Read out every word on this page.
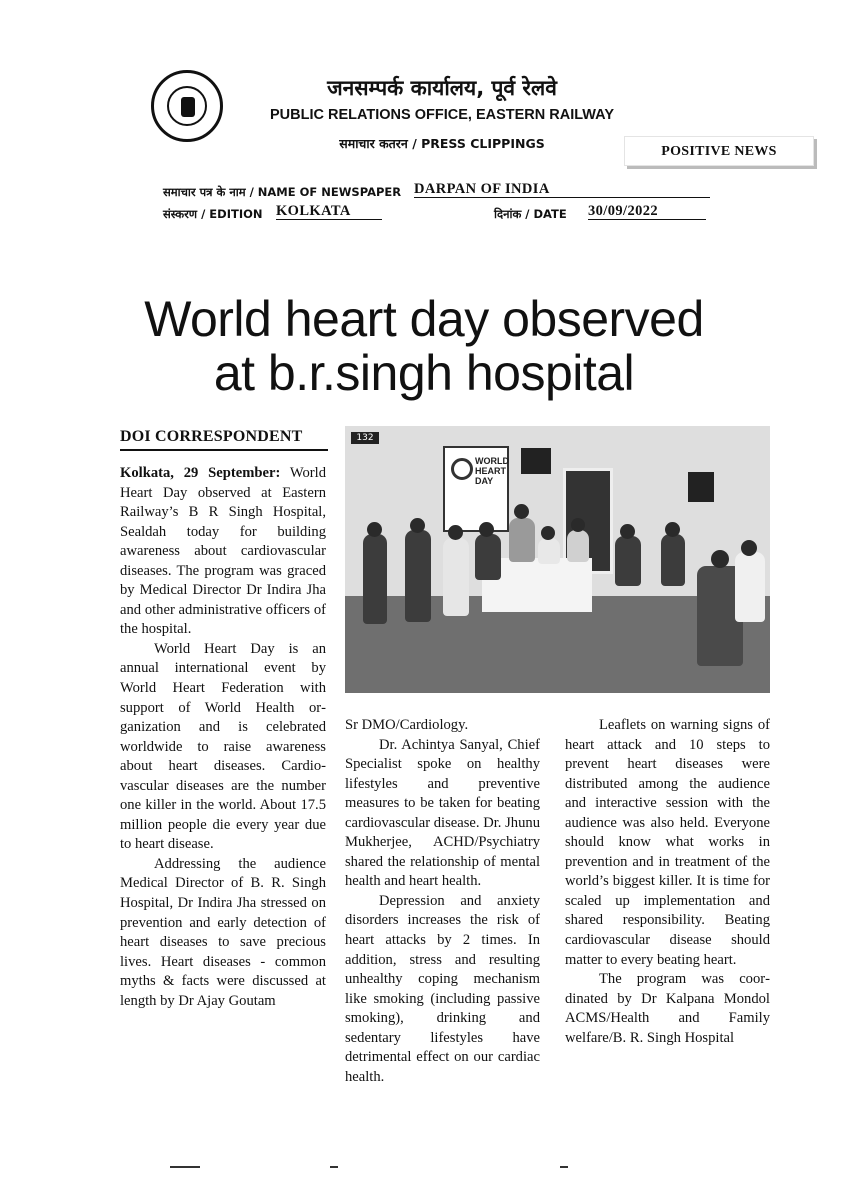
जनसम्पर्क कार्यालय, पूर्व रेलवे
PUBLIC RELATIONS OFFICE, EASTERN RAILWAY
समाचार कतरन / PRESS CLIPPINGS
POSITIVE NEWS
समाचार पत्र के नाम / NAME OF NEWSPAPER DARPAN OF INDIA
संस्करण / EDITION KOLKATA	दिनांक / DATE 30/09/2022
World heart day observed
at b.r.singh hospital
DOI CORRESPONDENT

Kolkata, 29 September: World Heart Day observed at Eastern Railway’s B R Singh Hospital, Sealdah today for building awareness about cardiovascular diseases. The program was graced by Medical Director Dr Indira Jha and other administrative officers of the hospital.

World Heart Day is an annual international event by World Heart Federation with support of World Health organization and is celebrated worldwide to raise awareness about heart diseases. Cardiovascular diseases are the number one killer in the world. About 17.5 million people die every year due to heart disease.

Addressing the audience Medical Director of B. R. Singh Hospital, Dr Indira Jha stressed on prevention and early detection of heart diseases to save precious lives. Heart diseases - common myths & facts were discussed at length by Dr Ajay Goutam

132
WORLD HEART DAY

Sr DMO/Cardiology.

Dr. Achintya Sanyal, Chief Specialist spoke on healthy lifestyles and preventive measures to be taken for beating cardiovascular disease. Dr. Jhunu Mukherjee, ACHD/Psychiatry shared the relationship of mental health and heart health.

Depression and anxiety disorders increases the risk of heart attacks by 2 times. In addition, stress and resulting unhealthy coping mechanism like smoking (including passive smoking), drinking and sedentary lifestyles have detrimental effect on our cardiac health.

Leaflets on warning signs of heart attack and 10 steps to prevent heart diseases were distributed among the audience and interactive session with the audience was also held. Everyone should know what works in prevention and in treatment of the world’s biggest killer. It is time for scaled up implementation and shared responsibility. Beating cardiovascular disease should matter to every beating heart.

The program was coordinated by Dr Kalpana Mondol ACMS/Health and Family welfare/B. R. Singh Hospital
